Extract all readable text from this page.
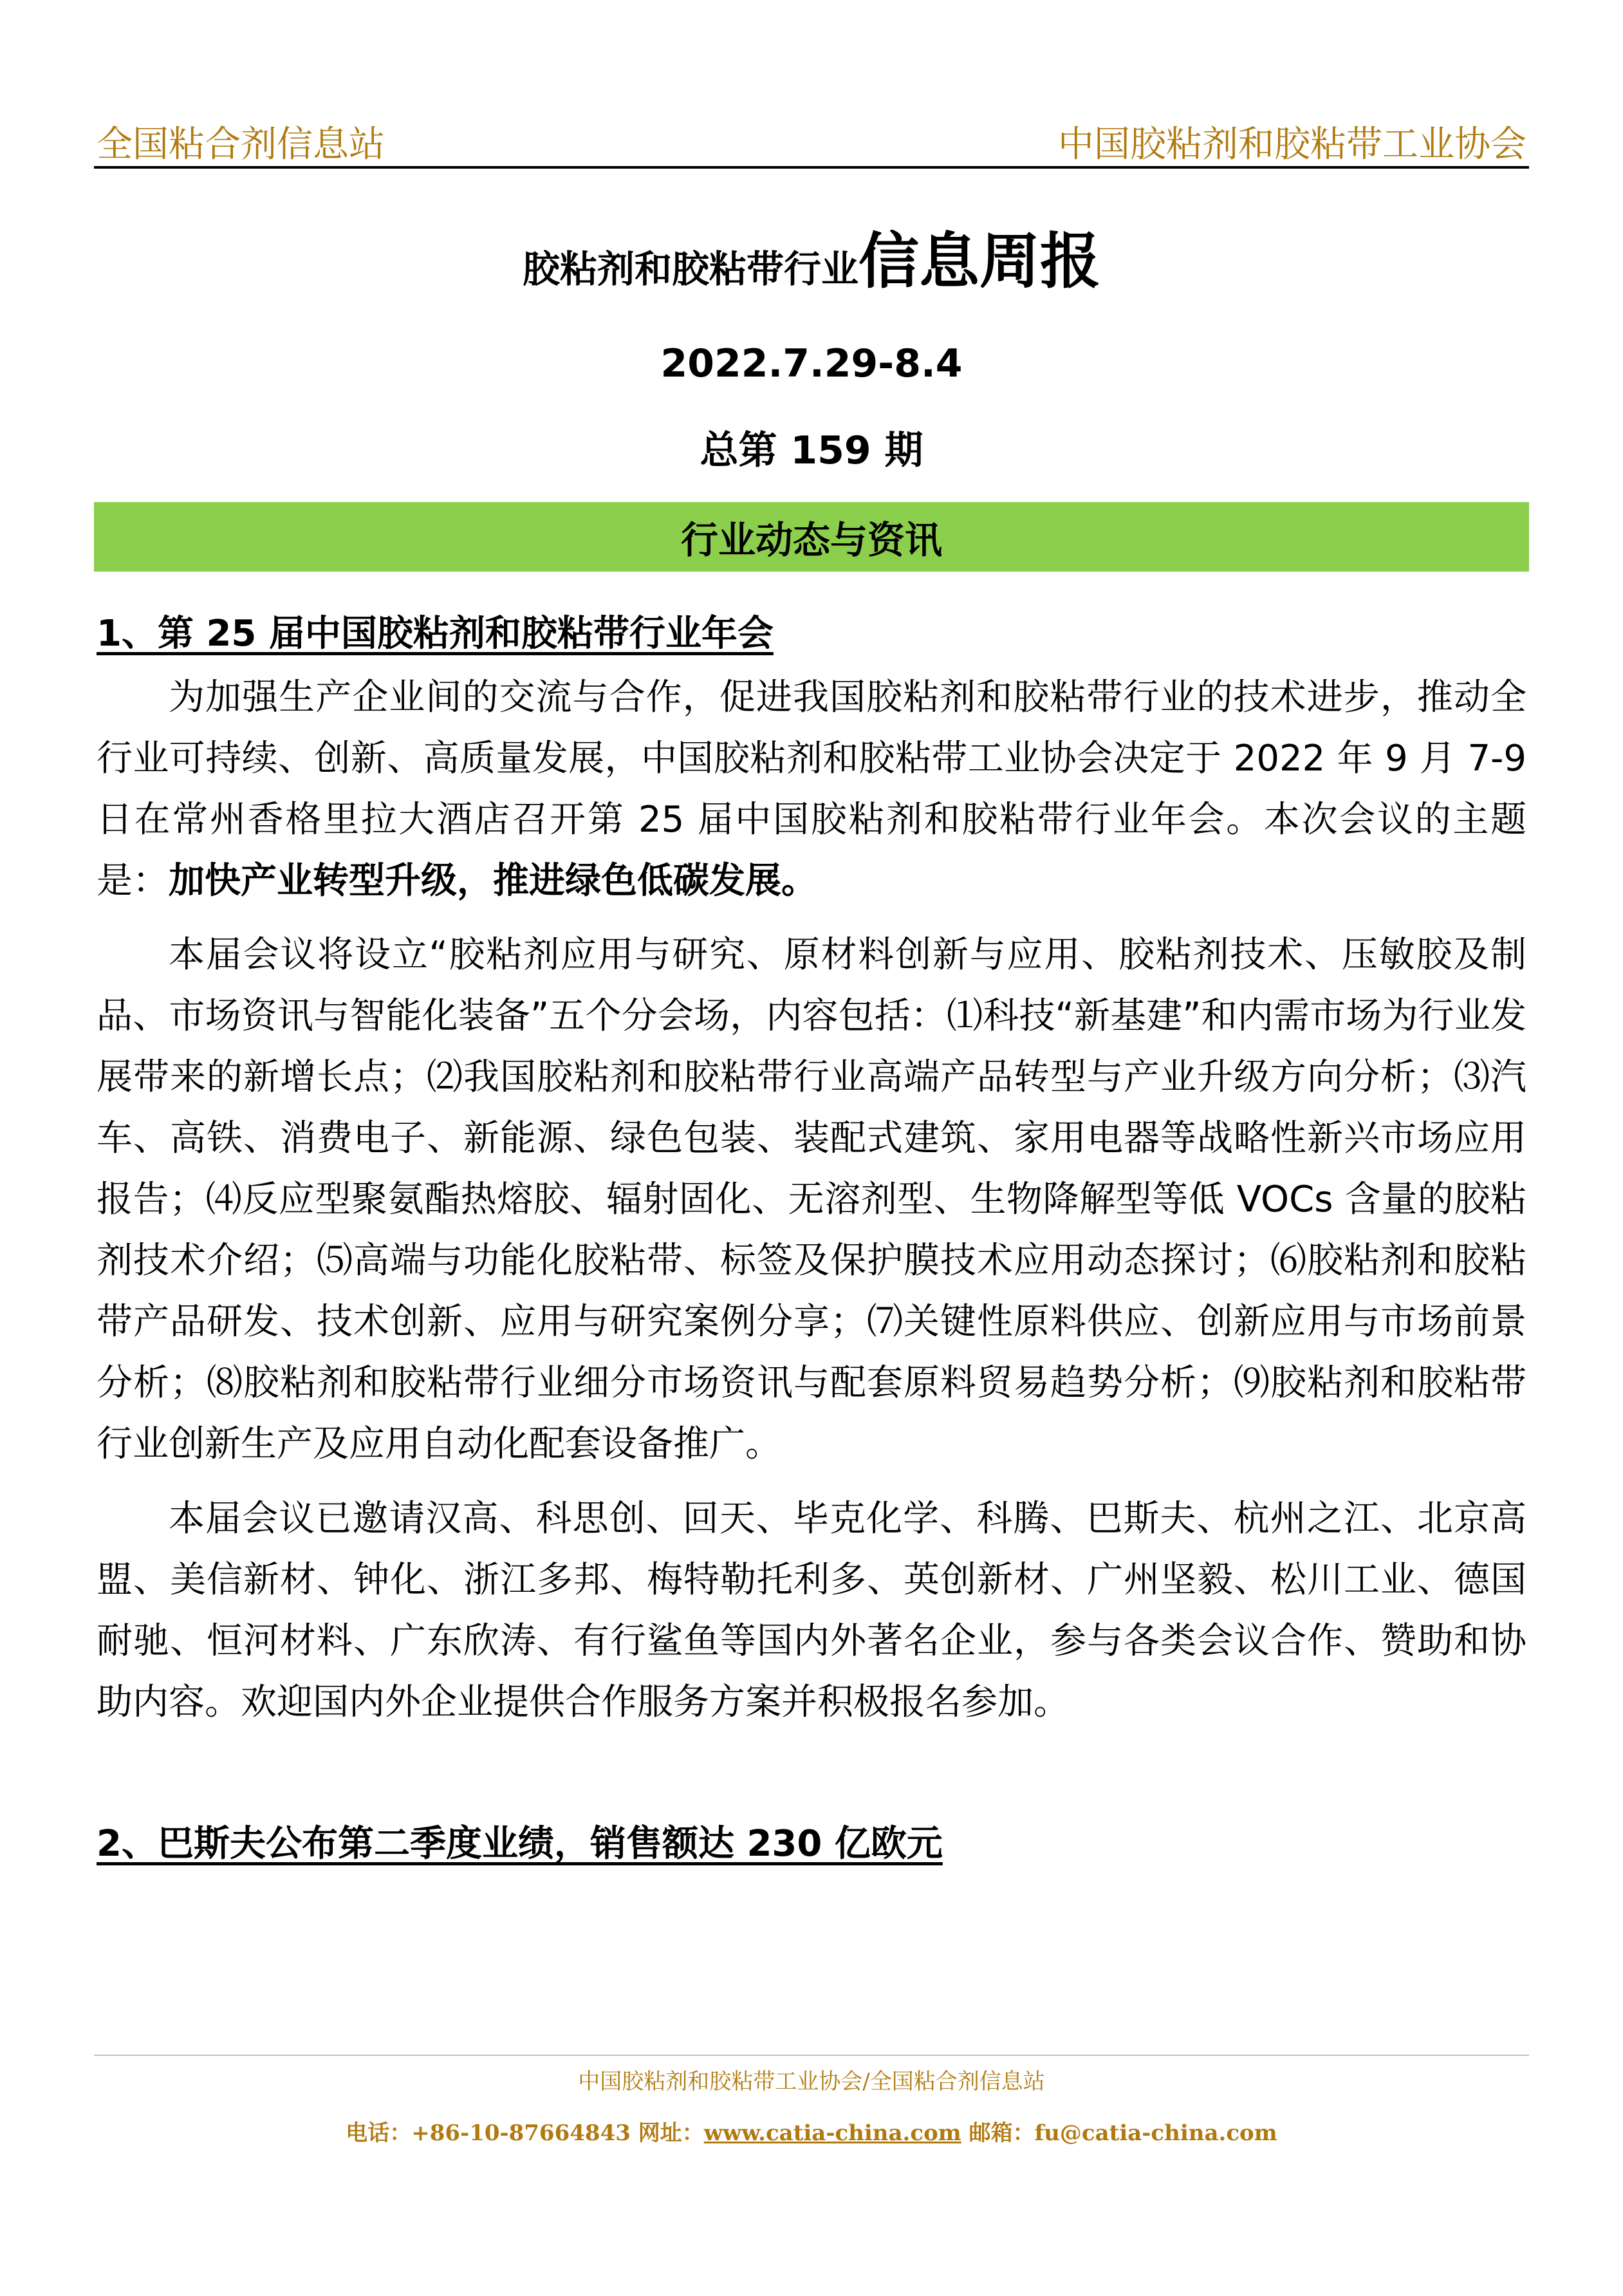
全国粘合剂信息站	中国胶粘剂和胶粘带工业协会
胶粘剂和胶粘带行业信息周报
2022.7.29-8.4
总第 159 期
行业动态与资讯
1、第 25 届中国胶粘剂和胶粘带行业年会

为加强生产企业间的交流与合作，促进我国胶粘剂和胶粘带行业的技术进步，推动全行业可持续、创新、高质量发展，中国胶粘剂和胶粘带工业协会决定于 2022 年 9 月 7-9 日在常州香格里拉大酒店召开第 25 届中国胶粘剂和胶粘带行业年会。本次会议的主题是：加快产业转型升级，推进绿色低碳发展。

本届会议将设立“胶粘剂应用与研究、原材料创新与应用、胶粘剂技术、压敏胶及制品、市场资讯与智能化装备”五个分会场，内容包括：⑴科技“新基建”和内需市场为行业发展带来的新增长点；⑵我国胶粘剂和胶粘带行业高端产品转型与产业升级方向分析；⑶汽车、高铁、消费电子、新能源、绿色包装、装配式建筑、家用电器等战略性新兴市场应用报告；⑷反应型聚氨酯热熔胶、辐射固化、无溶剂型、生物降解型等低 VOCs 含量的胶粘剂技术介绍；⑸高端与功能化胶粘带、标签及保护膜技术应用动态探讨；⑹胶粘剂和胶粘带产品研发、技术创新、应用与研究案例分享；⑺关键性原料供应、创新应用与市场前景分析；⑻胶粘剂和胶粘带行业细分市场资讯与配套原料贸易趋势分析；⑼胶粘剂和胶粘带行业创新生产及应用自动化配套设备推广。

本届会议已邀请汉高、科思创、回天、毕克化学、科腾、巴斯夫、杭州之江、北京高盟、美信新材、钟化、浙江多邦、梅特勒托利多、英创新材、广州坚毅、松川工业、德国耐驰、恒河材料、广东欣涛、有行鲨鱼等国内外著名企业，参与各类会议合作、赞助和协助内容。欢迎国内外企业提供合作服务方案并积极报名参加。

2、巴斯夫公布第二季度业绩，销售额达 230 亿欧元
中国胶粘剂和胶粘带工业协会/全国粘合剂信息站
电话：+86-10-87664843 网址：www.catia-china.com 邮箱：fu@catia-china.com
